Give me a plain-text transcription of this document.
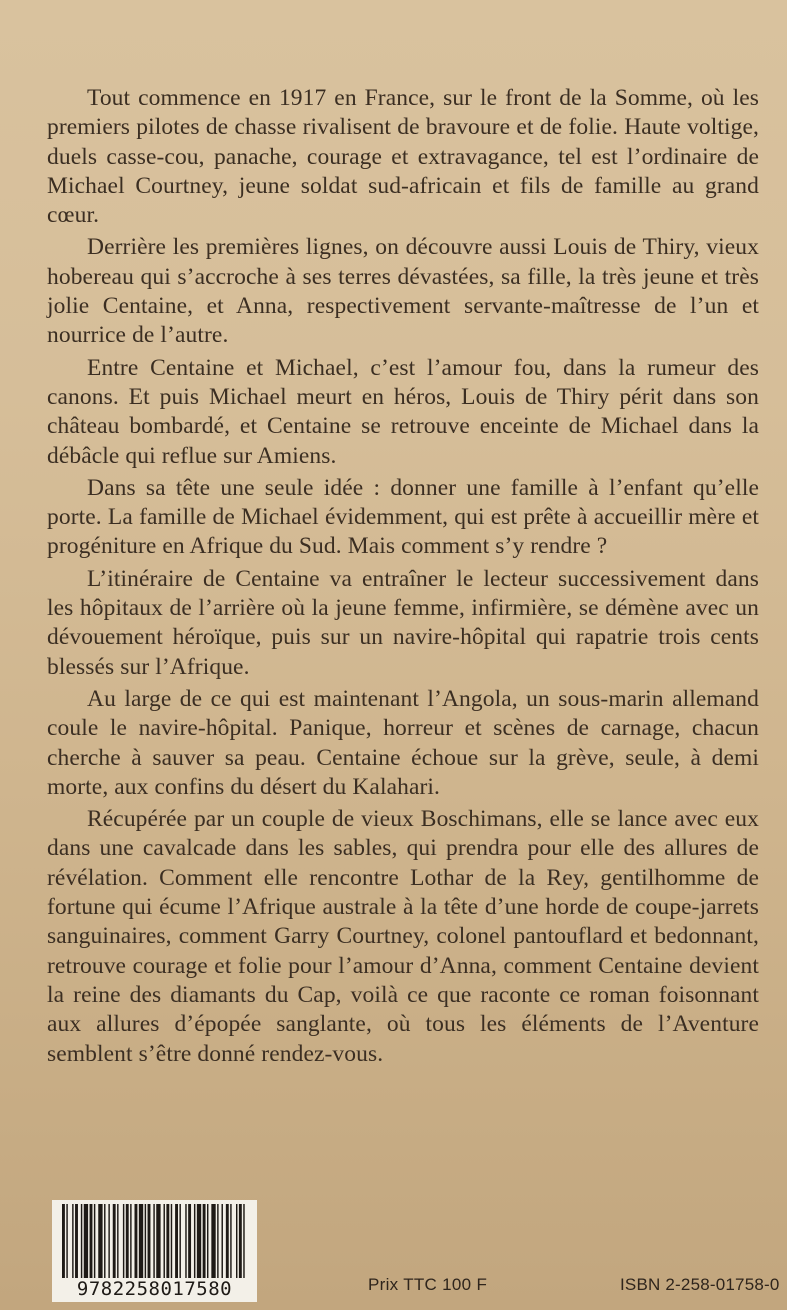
Tout commence en 1917 en France, sur le front de la Somme, où les premiers pilotes de chasse rivalisent de bravoure et de folie. Haute voltige, duels casse-cou, panache, courage et extravagance, tel est l’ordinaire de Michael Courtney, jeune soldat sud-africain et fils de famille au grand cœur.

Derrière les premières lignes, on découvre aussi Louis de Thiry, vieux hobereau qui s’accroche à ses terres dévastées, sa fille, la très jeune et très jolie Centaine, et Anna, respectivement servante-maîtresse de l’un et nourrice de l’autre.

Entre Centaine et Michael, c’est l’amour fou, dans la rumeur des canons. Et puis Michael meurt en héros, Louis de Thiry périt dans son château bombardé, et Centaine se retrouve enceinte de Michael dans la débâcle qui reflue sur Amiens.

Dans sa tête une seule idée : donner une famille à l’enfant qu’elle porte. La famille de Michael évidemment, qui est prête à accueillir mère et progéniture en Afrique du Sud. Mais comment s’y rendre ?

L’itinéraire de Centaine va entraîner le lecteur successivement dans les hôpitaux de l’arrière où la jeune femme, infirmière, se démène avec un dévouement héroïque, puis sur un navire-hôpital qui rapatrie trois cents blessés sur l’Afrique.

Au large de ce qui est maintenant l’Angola, un sous-marin allemand coule le navire-hôpital. Panique, horreur et scènes de carnage, chacun cherche à sauver sa peau. Centaine échoue sur la grève, seule, à demi morte, aux confins du désert du Kalahari.

Récupérée par un couple de vieux Boschimans, elle se lance avec eux dans une cavalcade dans les sables, qui prendra pour elle des allures de révélation. Comment elle rencontre Lothar de la Rey, gentilhomme de fortune qui écume l’Afrique australe à la tête d’une horde de coupe-jarrets sanguinaires, comment Garry Courtney, colonel pantouflard et bedonnant, retrouve courage et folie pour l’amour d’Anna, comment Centaine devient la reine des diamants du Cap, voilà ce que raconte ce roman foisonnant aux allures d’épopée sanglante, où tous les éléments de l’Aventure semblent s’être donné rendez-vous.

9782258017580	Prix TTC 100 F	ISBN 2-258-01758-0
